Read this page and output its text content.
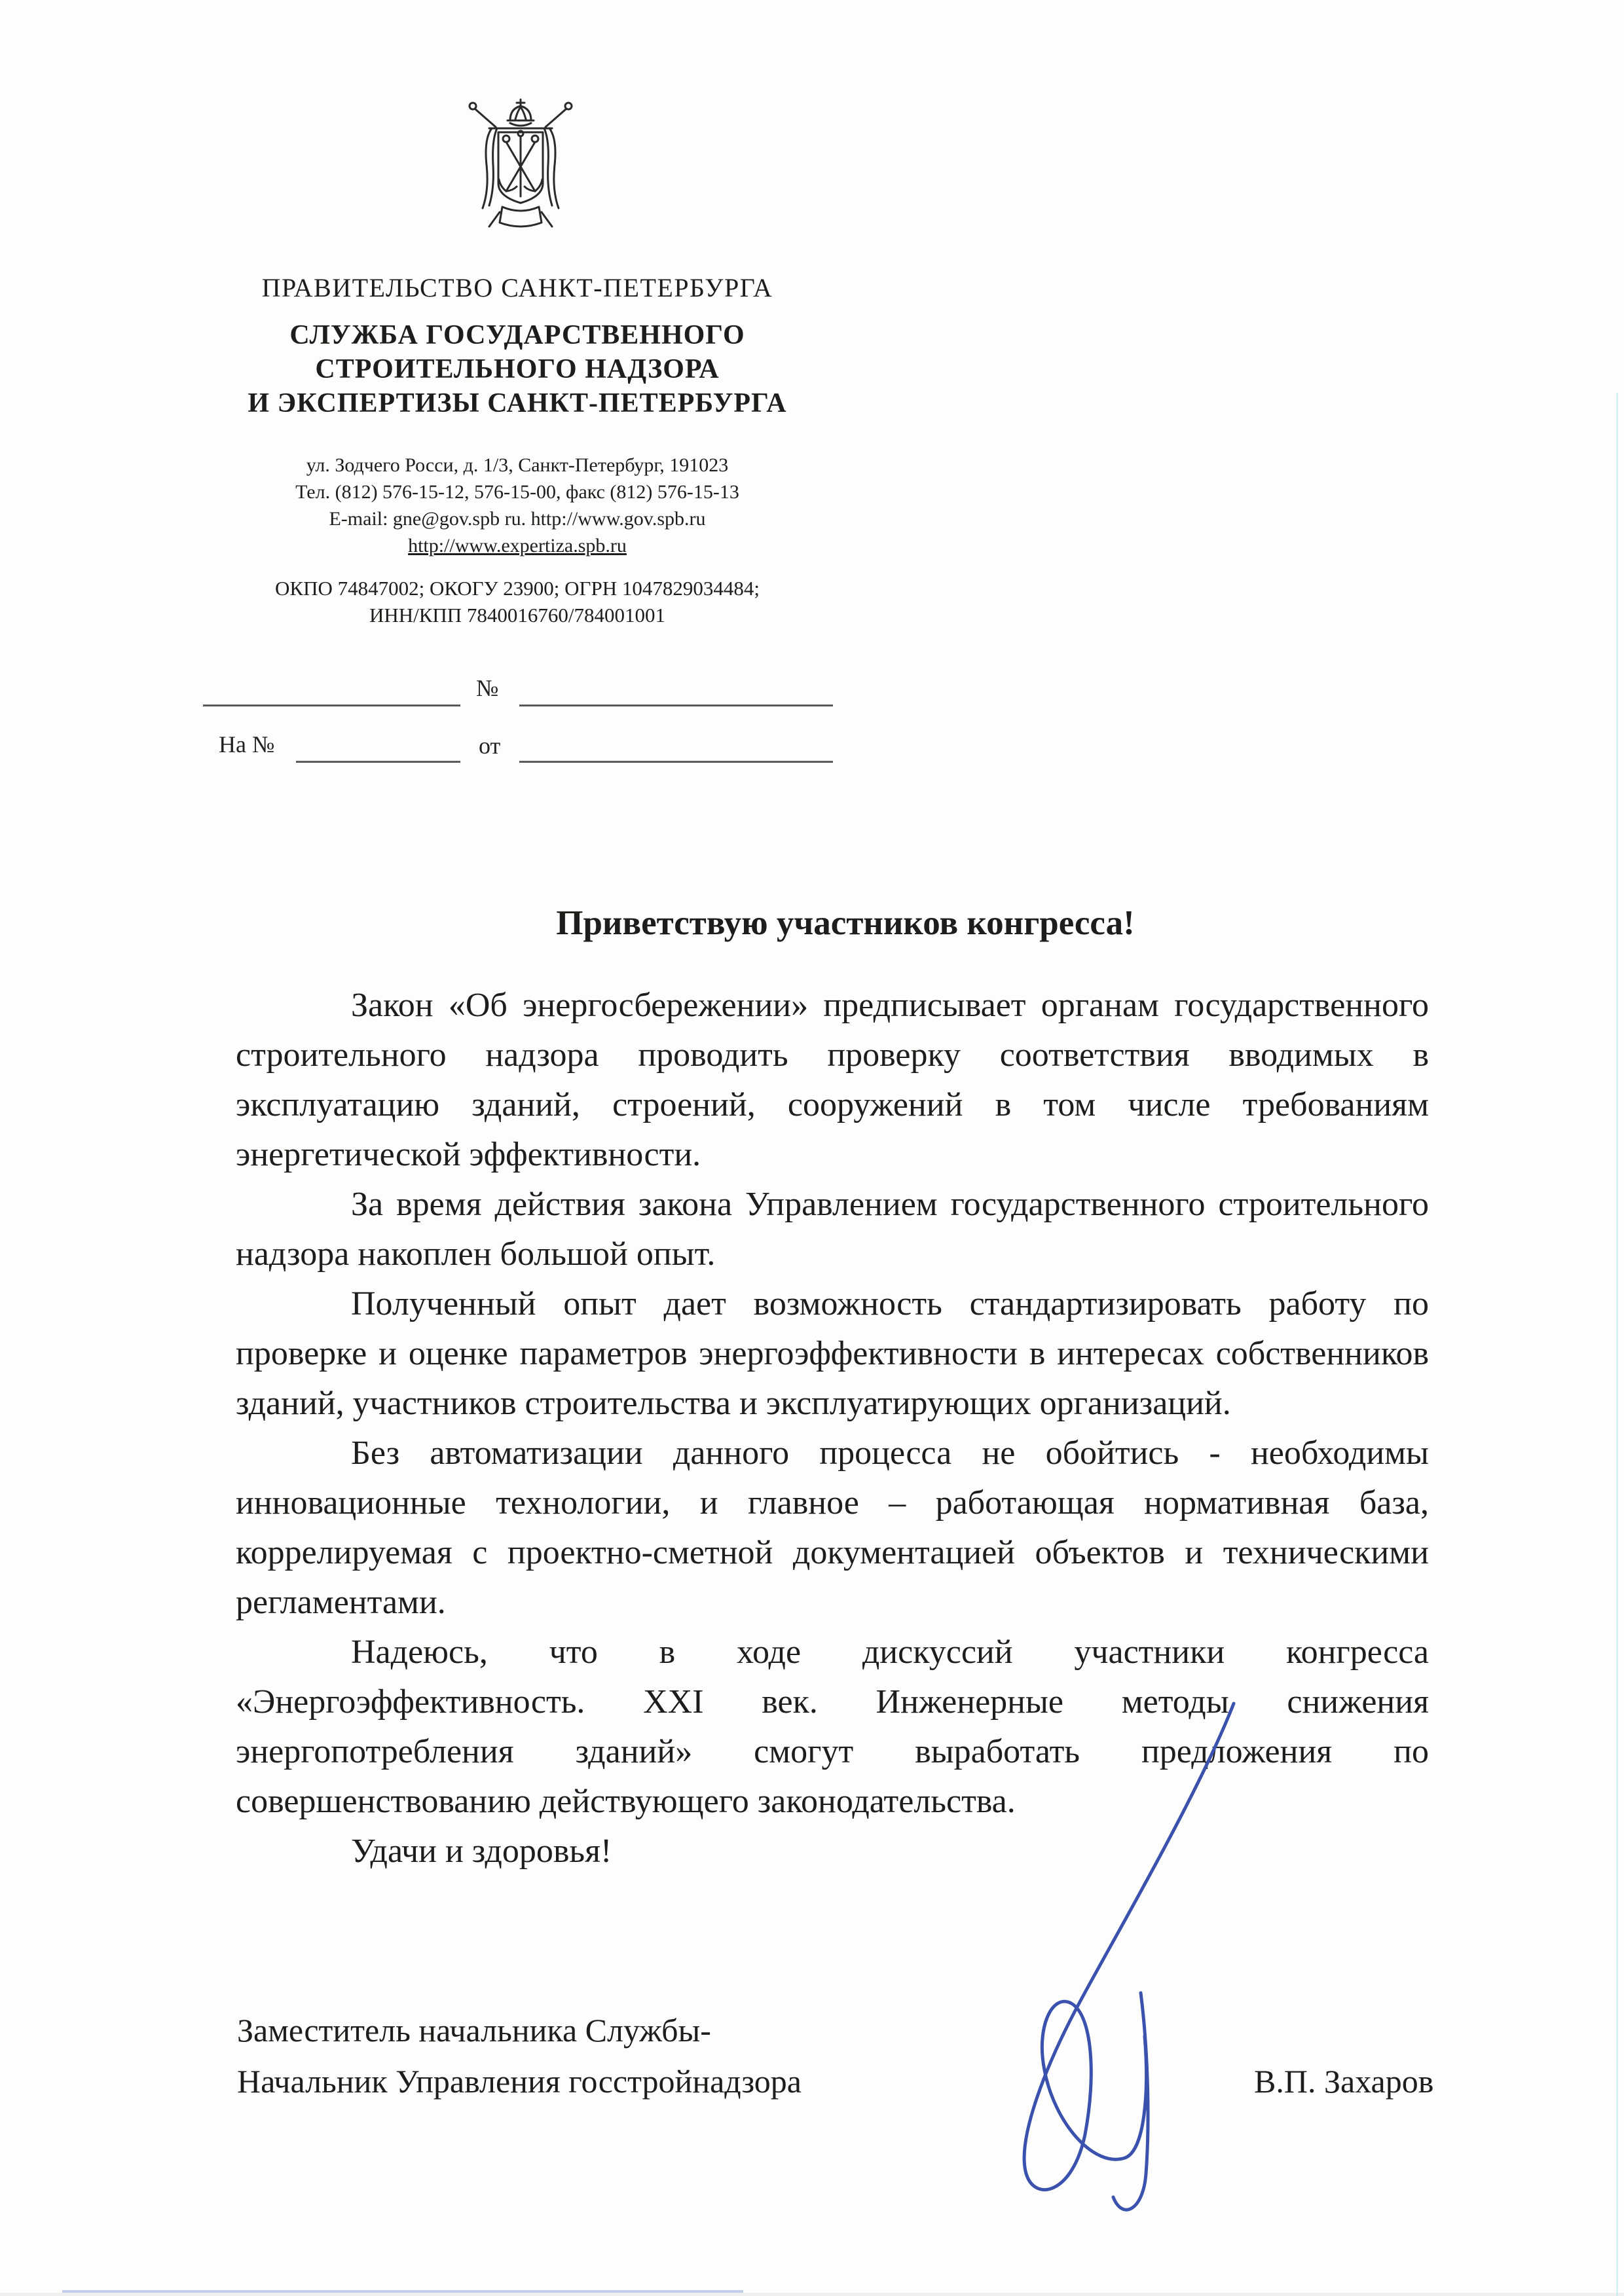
ПРАВИТЕЛЬСТВО САНКТ-ПЕТЕРБУРГА
СЛУЖБА ГОСУДАРСТВЕННОГО
СТРОИТЕЛЬНОГО НАДЗОРА
И ЭКСПЕРТИЗЫ САНКТ-ПЕТЕРБУРГА
ул. Зодчего Росси, д. 1/3, Санкт-Петербург, 191023
Тел. (812) 576-15-12, 576-15-00, факс (812) 576-15-13
E-mail: gne@gov.spb ru. http://www.gov.spb.ru
http://www.expertiza.spb.ru
ОКПО 74847002; ОКОГУ 23900; ОГРН 1047829034484;
ИНН/КПП 7840016760/784001001
№
На №	от
Приветствую участников конгресса!

Закон «Об энергосбережении» предписывает органам государственного строительного надзора проводить проверку соответствия вводимых в эксплуатацию зданий, строений, сооружений в том числе требованиям энергетической эффективности.

За время действия закона Управлением государственного строительного надзора накоплен большой опыт.

Полученный опыт дает возможность стандартизировать работу по проверке и оценке параметров энергоэффективности в интересах собственников зданий, участников строительства и эксплуатирующих организаций.

Без автоматизации данного процесса не обойтись - необходимы инновационные технологии, и главное – работающая нормативная база, коррелируемая с проектно-сметной документацией объектов и техническими регламентами.

Надеюсь, что в ходе дискуссий участники конгресса «Энергоэффективность. XXI век. Инженерные методы снижения энергопотребления зданий» смогут выработать предложения по совершенствованию действующего законодательства.

Удачи и здоровья!

Заместитель начальника Службы-
Начальник Управления госстройнадзора	В.П. Захаров
